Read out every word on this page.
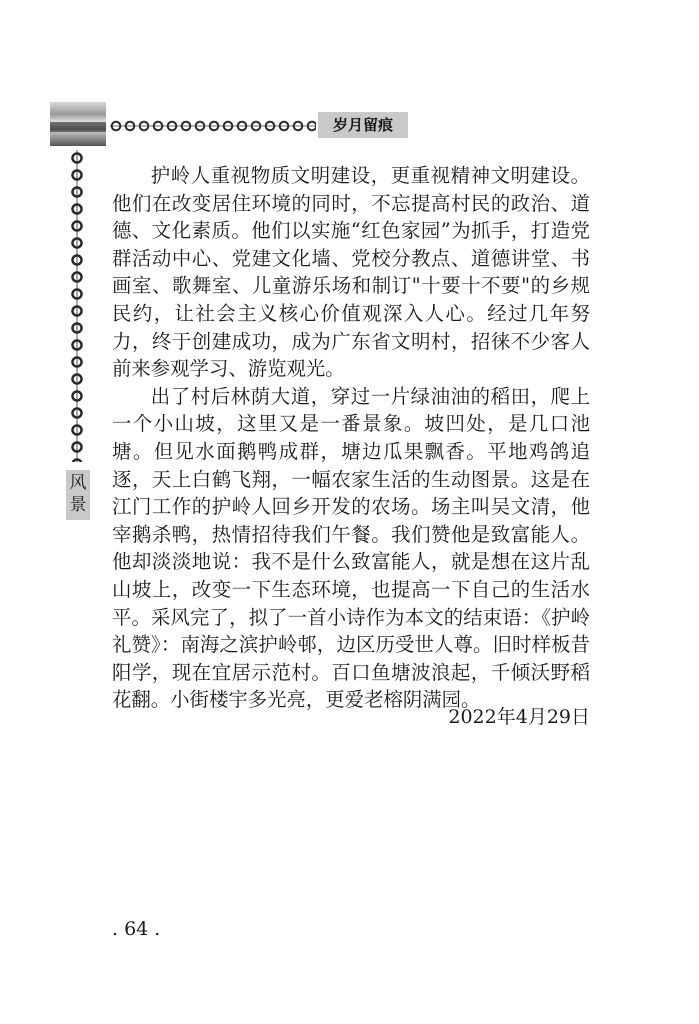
岁月留痕
风景

护岭人重视物质文明建设，更重视精神文明建设。他们在改变居住环境的同时，不忘提高村民的政治、道德、文化素质。他们以实施“红色家园”为抓手，打造党群活动中心、党建文化墙、党校分教点、道德讲堂、书画室、歌舞室、儿童游乐场和制订"十要十不要"的乡规民约，让社会主义核心价值观深入人心。经过几年努力，终于创建成功，成为广东省文明村，招徕不少客人前来参观学习、游览观光。

出了村后林荫大道，穿过一片绿油油的稻田，爬上一个小山坡，这里又是一番景象。坡凹处，是几口池塘。但见水面鹅鸭成群，塘边瓜果飘香。平地鸡鸽追逐，天上白鹤飞翔，一幅农家生活的生动图景。这是在江门工作的护岭人回乡开发的农场。场主叫吴文清，他宰鹅杀鸭，热情招待我们午餐。我们赞他是致富能人。他却淡淡地说：我不是什么致富能人，就是想在这片乱山坡上，改变一下生态环境，也提高一下自己的生活水平。采风完了，拟了一首小诗作为本文的结束语：《护岭礼赞》：南海之滨护岭邨，边区历受世人尊。旧时样板昔阳学，现在宜居示范村。百口鱼塘波浪起，千倾沃野稻花翻。小街楼宇多光亮，更爱老榕阴满园。

2022年4月29日
. 64 .
